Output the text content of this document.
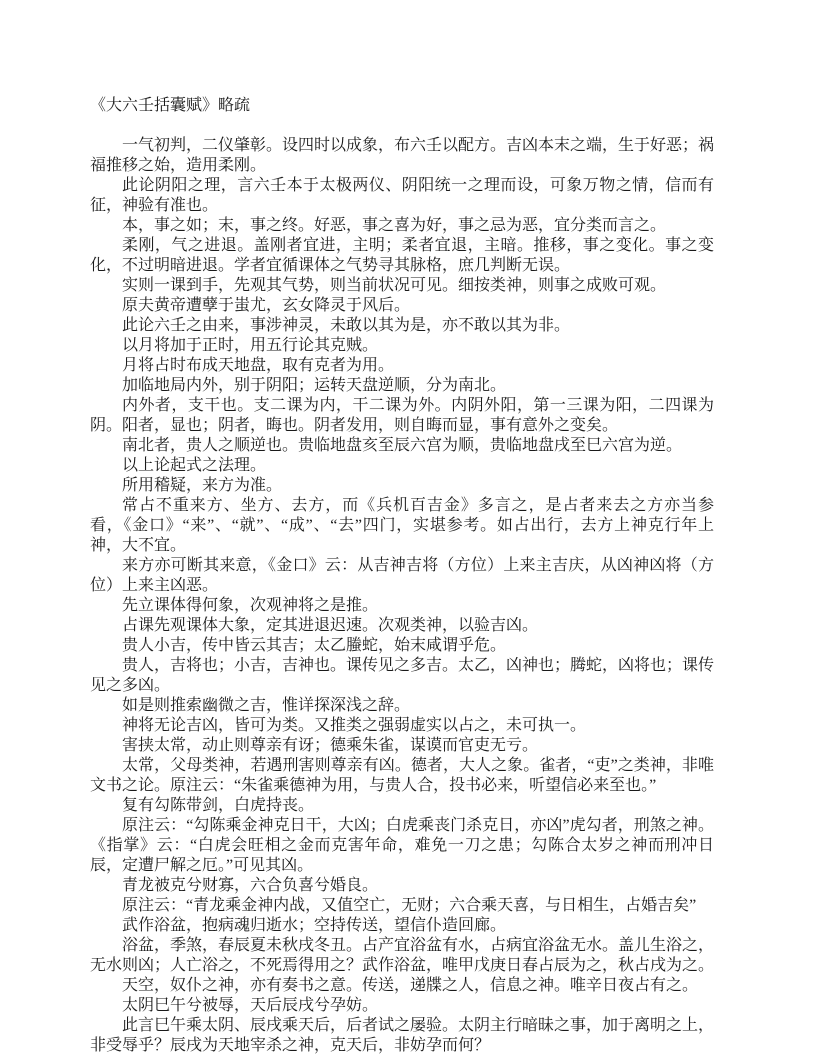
《大六壬括囊赋》略疏

一气初判，二仪肇彰。设四时以成象，布六壬以配方。吉凶本末之端，生于好恶；祸福推移之始，造用柔刚。

此论阴阳之理，言六壬本于太极两仪、阴阳统一之理而设，可象万物之情，信而有征，神验有准也。

本，事之如；末，事之终。好恶，事之喜为好，事之忌为恶，宜分类而言之。

柔刚，气之进退。盖刚者宜进，主明；柔者宜退，主暗。推移，事之变化。事之变化，不过明暗进退。学者宜循课体之气势寻其脉格，庶几判断无误。

实则一课到手，先观其气势，则当前状况可见。细按类神，则事之成败可观。

原夫黄帝遭孽于蚩尤，玄女降灵于风后。

此论六壬之由来，事涉神灵，未敢以其为是，亦不敢以其为非。

以月将加于正时，用五行论其克贼。

月将占时布成天地盘，取有克者为用。

加临地局内外，别于阴阳；运转天盘逆顺，分为南北。

内外者，支干也。支二课为内，干二课为外。内阴外阳，第一三课为阳，二四课为阴。阳者，显也；阴者，晦也。阴者发用，则自晦而显，事有意外之变矣。

南北者，贵人之顺逆也。贵临地盘亥至辰六宫为顺，贵临地盘戌至巳六宫为逆。

以上论起式之法理。

所用稽疑，来方为准。

常占不重来方、坐方、去方，而《兵机百吉金》多言之，是占者来去之方亦当参看，《金口》“来”、“就”、“成”、“去”四门，实堪参考。如占出行，去方上神克行年上神，大不宜。

来方亦可断其来意，《金口》云：从吉神吉将（方位）上来主吉庆，从凶神凶将（方位）上来主凶恶。

先立课体得何象，次观神将之是推。

占课先观课体大象，定其进退迟速。次观类神，以验吉凶。

贵人小吉，传中皆云其吉；太乙螣蛇，始末咸谓乎危。

贵人，吉将也；小吉，吉神也。课传见之多吉。太乙，凶神也；腾蛇，凶将也；课传见之多凶。

如是则推索幽微之吉，惟详探深浅之辞。

神将无论吉凶，皆可为类。又推类之强弱虚实以占之，未可执一。

害挟太常，动止则尊亲有讶；德乘朱雀，谋谟而官吏无亏。

太常，父母类神，若遇刑害则尊亲有凶。德者，大人之象。雀者，“吏”之类神，非唯文书之论。原注云：“朱雀乘德神为用，与贵人合，投书必来，听望信必来至也。”

复有勾陈带剑，白虎持丧。

原注云：“勾陈乘金神克日干，大凶；白虎乘丧门杀克日，亦凶”虎勾者，刑煞之神。《指掌》云：“白虎会旺相之金而克害年命，难免一刀之患；勾陈合太岁之神而刑冲日辰，定遭尸解之厄。”可见其凶。

青龙被克兮财寡，六合负喜兮婚良。

原注云：“青龙乘金神内战，又值空亡，无财；六合乘天喜，与日相生，占婚吉矣”

武作浴盆，抱病魂归逝水；空持传送，望信仆造回廊。

浴盆，季煞，春辰夏未秋戌冬丑。占产宜浴盆有水，占病宜浴盆无水。盖儿生浴之，无水则凶；人亡浴之，不死焉得用之？武作浴盆，唯甲戊庚日春占辰为之，秋占戌为之。

天空，奴仆之神，亦有奏书之意。传送，递牒之人，信息之神。唯辛日夜占有之。

太阴巳午兮被辱，天后辰戌兮孕妨。

此言巳午乘太阴、辰戌乘天后，后者试之屡验。太阴主行暗昧之事，加于离明之上，非受辱乎？辰戌为天地宰杀之神，克天后，非妨孕而何？
